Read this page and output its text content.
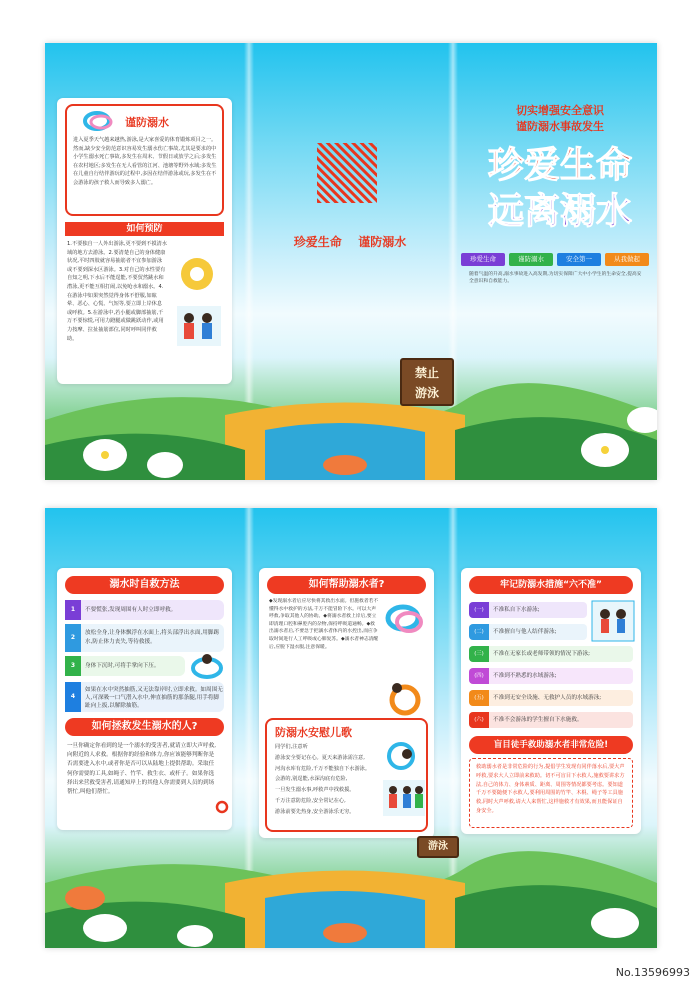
谨防溺水
进入夏季天气越来越热,游泳,是大家喜爱的体育锻炼项目之一。然而,缺少安全防范意识容易发生溺水伤亡事故,尤其是要求的中小学生溺水死亡事故,多发生在周末、节假日或放学之后;多发生在农村地区;多发生在无人看管的江河、池塘等野外水域;多发生在儿童自行结伴游玩的过程中,多因在结伴游泳或玩,多发生在不会游泳的孩子救人而导致多人溺亡。
如何预防
1.不要独自一人外出游泳,更不要到不摸清水域的地方去游泳。2.要清楚自己的身体健康状况,平时四肢就容易抽筋者不宜参加游泳或不要到深水区游泳。3.对自己的水性要有自知之明,下水后不能逞能,不要贸然跳水和潜泳,更不能互相打闹,以免呛水和溺水。4.在游泳中如果突然觉得身体不舒服,如眩晕、恶心、心慌、气短等,要立即上岸休息或呼救。5.在游泳中,若小腿或脚部抽筋,千万不要惊慌,可用力蹬腿或做跳跃动作,或用力按摩、拉扯抽筋部位,同时呼叫同伴救助。
珍爱生命 谨防溺水
禁止
游泳
切实增强安全意识
谨防溺水事故发生
珍爱生命
远离溺水
珍爱生命	谨防溺水	安全第一	从我做起
随着气温的升高,溺水事故进入高发期,为切实保障广大中小学生的生命安全,提高安全意识和自救能力。
溺水时自救方法
1	不要慌张,发现周围有人时立即呼救。
2
放松全身,让身体飘浮在水面上,将头部浮出水面,用脚踢水,防止体力丧失,等待救援。
3	身体下沉时,可将手掌向下压。
4
如果在水中突然抽筋,又无法靠岸时,立即求救。如周围无人,可深吸一口气潜入水中,伸直抽筋的那条腿,用手将脚趾向上扳,以解除抽筋。
如何拯救发生溺水的人?
一旦你确定你看到的是一个溺水的受害者,就请立即大声呼救,向附近的人求救。根据你的经验和体力,你应该能够判断你是否需要进入水中,或者你是否可以从陆地上提供帮助。采取任何你需要的工具,如绳子、竹竿、救生衣、或杆子。如果你选择出来营救受害者,请通知岸上的其他人你需要到人员的到场帮忙,叫他们帮忙。
如何帮助溺水者?
◆发现溺水者后应尽快将其救出水面。但施救者若不懂得水中救护的方法,千万不能冒险下水。可以大声呼救,争取其他人的协助。◆将溺水者救上岸后,要立即清理口腔和鼻腔内的杂物,保持呼吸道通畅。◆救出溺水者后,不要急于把溺水者体内的水控出,而应争取时间进行人工呼吸或心肺复苏。◆溺水者神志清醒后,应脱下湿衣服,注意保暖。
防溺水安慰儿歌
同学们,注意听
游泳安全要记在心。夏天来游泳需注意,
河沟水库有危险,千万不能独自下水游泳。
会游的,别逞能,水深沟底有危险,
一旦发生溺水事,呼救声中找救援。
千万注意防危险,安全常记在心,
游泳前要先热身,安全游泳乐无穷。
游泳
牢记防溺水措施“六不准”
(一)	不准私自下水游泳;
(二)	不准擅自与他人结伴游泳;
(三)	不准在无家长或老师带领的情况下游泳;
(四)	不准到不熟悉的水域游泳;
(五)	不准到无安全设施、无救护人员的水域游泳;
(六)	不准不会游泳的学生擅自下水施救。
盲目徒手救助溺水者非常危险!
救助溺水者是非常危险的行为,提倡学生发现有同伴落水后,要大声呼救,要求大人立即前来救助。切不可盲目下水救人,施救要讲求方法,自己的体力、身体素质、距离、周围等情况都要考虑。要知道千万不要随便下水救人,要利用周围的竹竿、木棍、绳子等工具施救,同时大声呼救,请大人来帮忙,这样施救才有效果,而且能保证自身安全。
No.13596993
